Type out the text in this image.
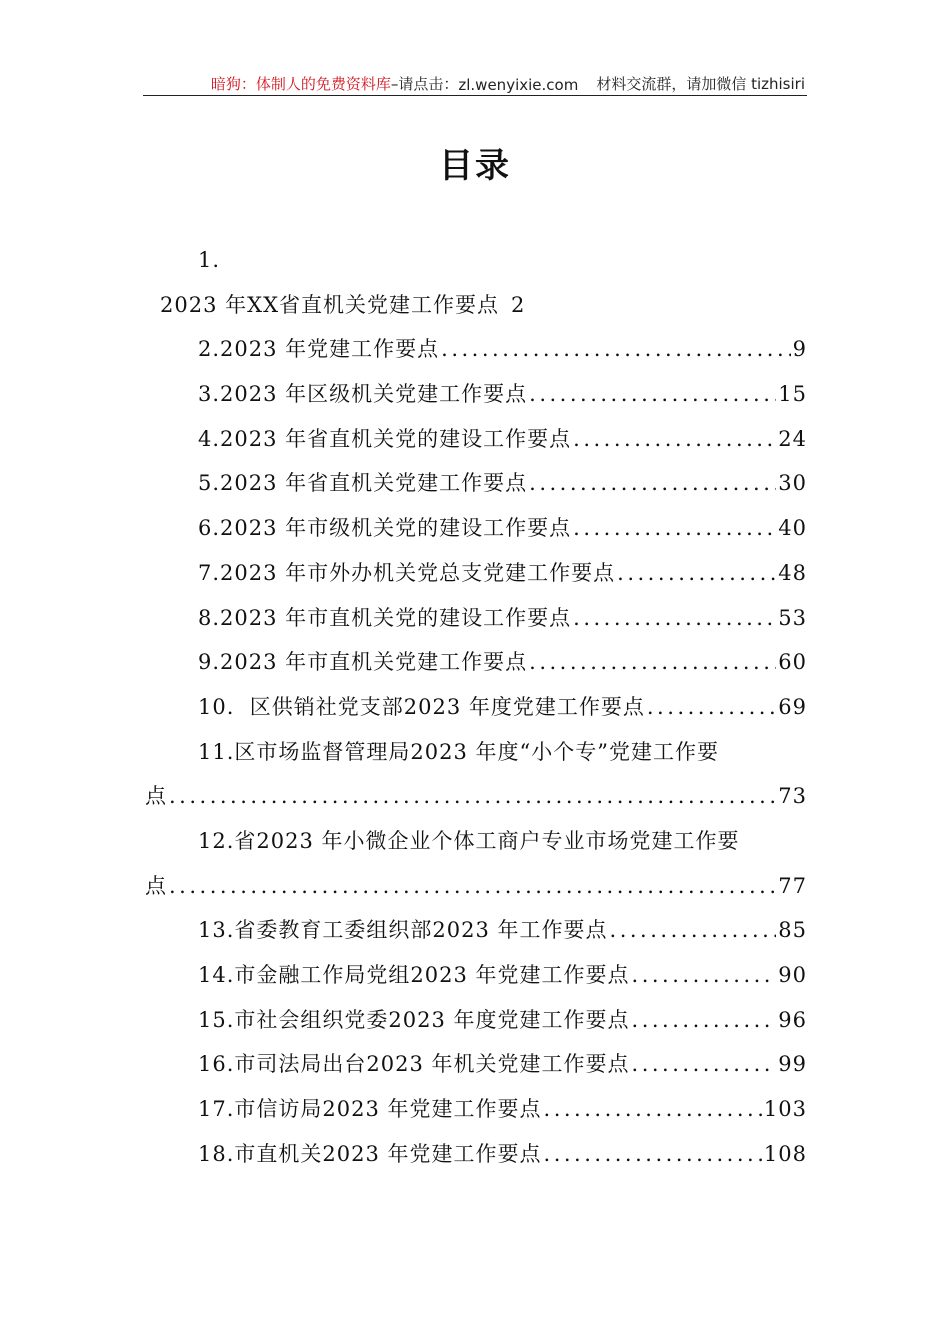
暗狗：体制人的免费资料库 –请点击： zl.wenyixie.com 材料交流群，请加微信 tizhisiri
目录
1.
2023 年XX省直机关党建工作要点 2
2.2023 年党建工作要点 .....	9
3.2023 年区级机关党建工作要点 .....	15
4.2023 年省直机关党的建设工作要点 .....	24
5.2023 年省直机关党建工作要点 .....	30
6.2023 年市级机关党的建设工作要点 .....	40
7.2023 年市外办机关党总支党建工作要点 .....	48
8.2023 年市直机关党的建设工作要点 .....	53
9.2023 年市直机关党建工作要点 .....	60
10.  区供销社党支部2023 年度党建工作要点 .....	69
11.区市场监督管理局2023 年度“小个专”党建工作要
点 .....	73
12.省2023 年小微企业个体工商户专业市场党建工作要
点 .....	77
13.省委教育工委组织部2023 年工作要点 .....	85
14.市金融工作局党组2023 年党建工作要点 .....	90
15.市社会组织党委2023 年度党建工作要点 .....	96
16.市司法局出台2023 年机关党建工作要点 .....	99
17.市信访局2023 年党建工作要点 .....	103
18.市直机关2023 年党建工作要点 .....	108
